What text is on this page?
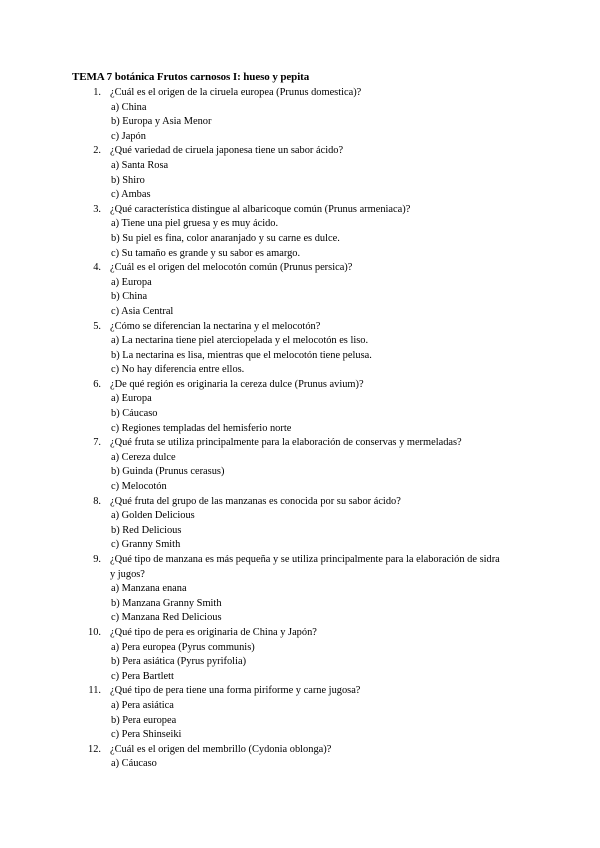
TEMA 7 botánica Frutos carnosos I: hueso y pepita
1. ¿Cuál es el origen de la ciruela europea (Prunus domestica)?
a) China
b) Europa y Asia Menor
c) Japón
2. ¿Qué variedad de ciruela japonesa tiene un sabor ácido?
a) Santa Rosa
b) Shiro
c) Ambas
3. ¿Qué característica distingue al albaricoque común (Prunus armeniaca)?
a) Tiene una piel gruesa y es muy ácido.
b) Su piel es fina, color anaranjado y su carne es dulce.
c) Su tamaño es grande y su sabor es amargo.
4. ¿Cuál es el origen del melocotón común (Prunus persica)?
a) Europa
b) China
c) Asia Central
5. ¿Cómo se diferencian la nectarina y el melocotón?
a) La nectarina tiene piel aterciopelada y el melocotón es liso.
b) La nectarina es lisa, mientras que el melocotón tiene pelusa.
c) No hay diferencia entre ellos.
6. ¿De qué región es originaria la cereza dulce (Prunus avium)?
a) Europa
b) Cáucaso
c) Regiones templadas del hemisferio norte
7. ¿Qué fruta se utiliza principalmente para la elaboración de conservas y mermeladas?
a) Cereza dulce
b) Guinda (Prunus cerasus)
c) Melocotón
8. ¿Qué fruta del grupo de las manzanas es conocida por su sabor ácido?
a) Golden Delicious
b) Red Delicious
c) Granny Smith
9. ¿Qué tipo de manzana es más pequeña y se utiliza principalmente para la elaboración de sidra
y jugos?
a) Manzana enana
b) Manzana Granny Smith
c) Manzana Red Delicious
10. ¿Qué tipo de pera es originaria de China y Japón?
a) Pera europea (Pyrus communis)
b) Pera asiática (Pyrus pyrifolia)
c) Pera Bartlett
11. ¿Qué tipo de pera tiene una forma piriforme y carne jugosa?
a) Pera asiática
b) Pera europea
c) Pera Shinseiki
12. ¿Cuál es el origen del membrillo (Cydonia oblonga)?
a) Cáucaso
